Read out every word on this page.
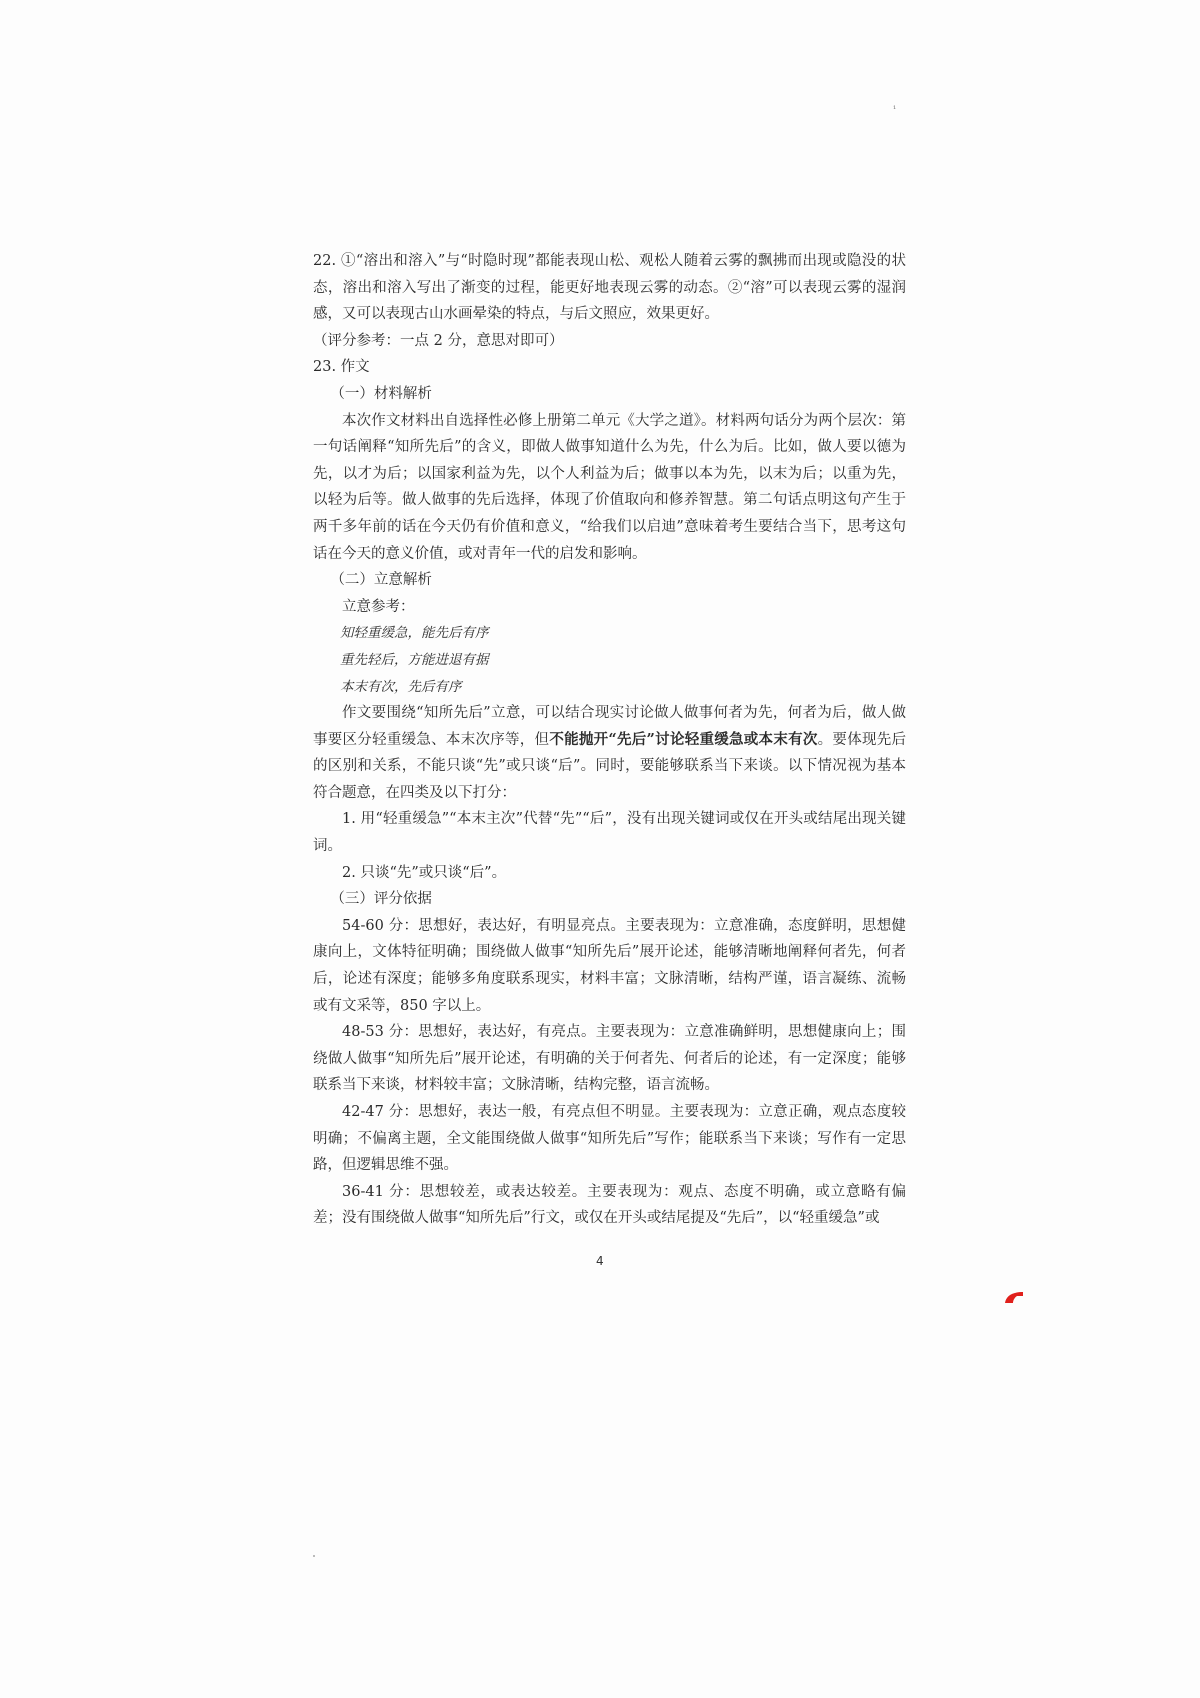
₁

22. ①“溶出和溶入”与“时隐时现”都能表现山松、观松人随着云雾的飘拂而出现或隐没的状态，溶出和溶入写出了渐变的过程，能更好地表现云雾的动态。②“溶”可以表现云雾的湿润感，又可以表现古山水画晕染的特点，与后文照应，效果更好。

（评分参考：一点 2 分，意思对即可）

23. 作文

（一）材料解析

本次作文材料出自选择性必修上册第二单元《大学之道》。材料两句话分为两个层次：第一句话阐释“知所先后”的含义，即做人做事知道什么为先，什么为后。比如，做人要以德为先，以才为后；以国家利益为先，以个人利益为后；做事以本为先，以末为后；以重为先，以轻为后等。做人做事的先后选择，体现了价值取向和修养智慧。第二句话点明这句产生于两千多年前的话在今天仍有价值和意义，“给我们以启迪”意味着考生要结合当下，思考这句话在今天的意义价值，或对青年一代的启发和影响。

（二）立意解析

立意参考：

知轻重缓急，能先后有序

重先轻后，方能进退有据

本末有次，先后有序

作文要围绕“知所先后”立意，可以结合现实讨论做人做事何者为先，何者为后，做人做事要区分轻重缓急、本末次序等，但不能抛开“先后”讨论轻重缓急或本末有次。要体现先后的区别和关系，不能只谈“先”或只谈“后”。同时，要能够联系当下来谈。以下情况视为基本符合题意，在四类及以下打分：

1. 用“轻重缓急”“本末主次”代替“先”“后”，没有出现关键词或仅在开头或结尾出现关键词。

2. 只谈“先”或只谈“后”。

（三）评分依据

54-60 分：思想好，表达好，有明显亮点。主要表现为：立意准确，态度鲜明，思想健康向上，文体特征明确；围绕做人做事“知所先后”展开论述，能够清晰地阐释何者先，何者后，论述有深度；能够多角度联系现实，材料丰富；文脉清晰，结构严谨，语言凝练、流畅或有文采等，850 字以上。

48-53 分：思想好，表达好，有亮点。主要表现为：立意准确鲜明，思想健康向上；围绕做人做事“知所先后”展开论述，有明确的关于何者先、何者后的论述，有一定深度；能够联系当下来谈，材料较丰富；文脉清晰，结构完整，语言流畅。

42-47 分：思想好，表达一般，有亮点但不明显。主要表现为：立意正确，观点态度较明确；不偏离主题，全文能围绕做人做事“知所先后”写作；能联系当下来谈；写作有一定思路，但逻辑思维不强。

36-41 分：思想较差，或表达较差。主要表现为：观点、态度不明确，或立意略有偏差；没有围绕做人做事“知所先后”行文，或仅在开头或结尾提及“先后”，以“轻重缓急”或

4
